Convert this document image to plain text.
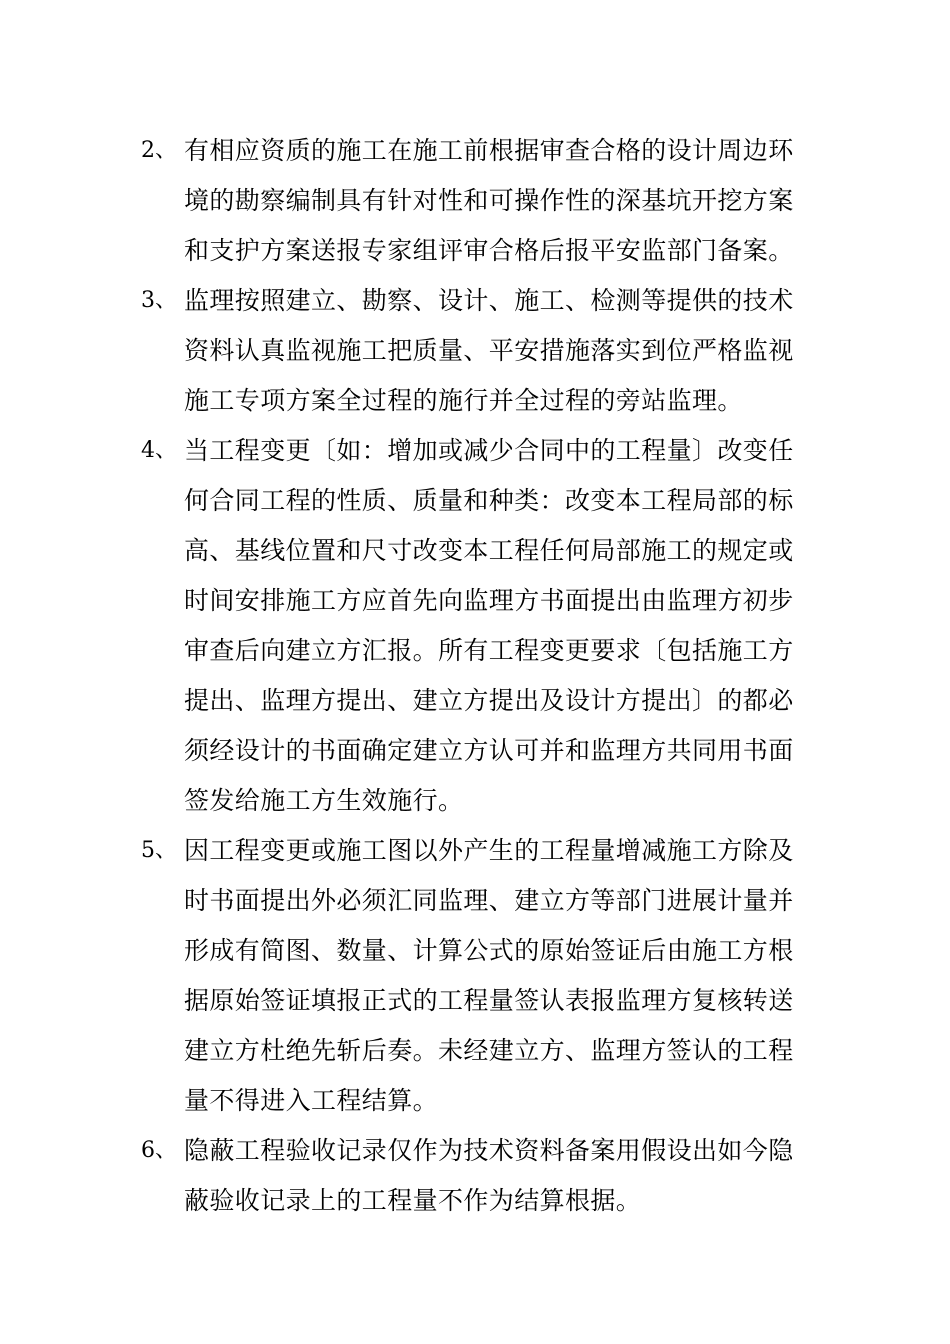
2、 有相应资质的施工在施工前根据审查合格的设计周边环
境的勘察编制具有针对性和可操作性的深基坑开挖方案
和支护方案送报专家组评审合格后报平安监部门备案。
3、 监理按照建立、勘察、设计、施工、检测等提供的技术
资料认真监视施工把质量、平安措施落实到位严格监视
施工专项方案全过程的施行并全过程的旁站监理。
4、 当工程变更〔如：增加或减少合同中的工程量〕改变任
何合同工程的性质、质量和种类：改变本工程局部的标
高、基线位置和尺寸改变本工程任何局部施工的规定或
时间安排施工方应首先向监理方书面提出由监理方初步
审查后向建立方汇报。所有工程变更要求〔包括施工方
提出、监理方提出、建立方提出及设计方提出〕的都必
须经设计的书面确定建立方认可并和监理方共同用书面
签发给施工方生效施行。
5、 因工程变更或施工图以外产生的工程量增减施工方除及
时书面提出外必须汇同监理、建立方等部门进展计量并
形成有简图、数量、计算公式的原始签证后由施工方根
据原始签证填报正式的工程量签认表报监理方复核转送
建立方杜绝先斩后奏。未经建立方、监理方签认的工程
量不得进入工程结算。
6、 隐蔽工程验收记录仅作为技术资料备案用假设出如今隐
蔽验收记录上的工程量不作为结算根据。
